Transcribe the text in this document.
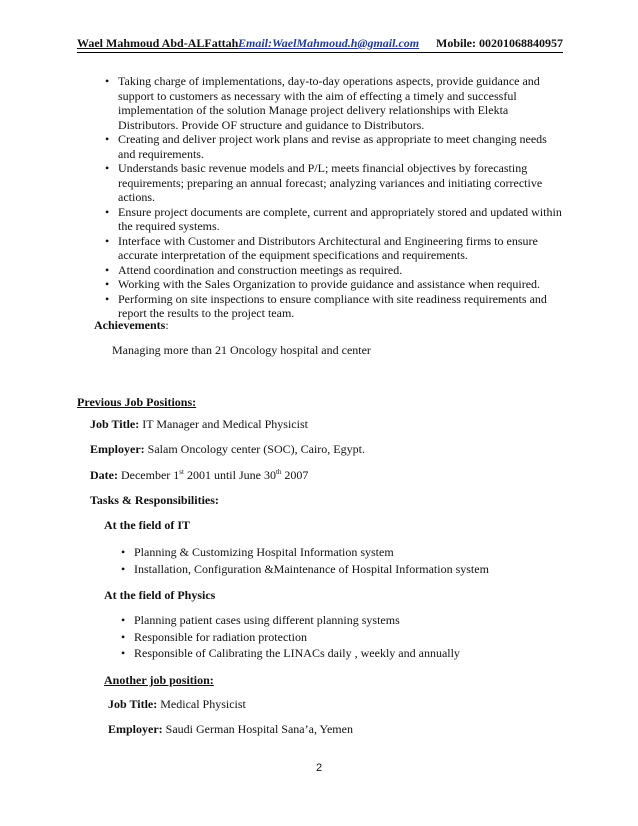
Wael Mahmoud Abd-ALFattah Email:WaelMahmoud.h@gmail.com Mobile: 00201068840957
• Taking charge of implementations, day-to-day operations aspects, provide guidance and support to customers as necessary with the aim of effecting a timely and successful implementation of the solution Manage project delivery relationships with Elekta Distributors. Provide OF structure and guidance to Distributors.
• Creating and deliver project work plans and revise as appropriate to meet changing needs and requirements.
• Understands basic revenue models and P/L; meets financial objectives by forecasting requirements; preparing an annual forecast; analyzing variances and initiating corrective actions.
• Ensure project documents are complete, current and appropriately stored and updated within the required systems.
• Interface with Customer and Distributors Architectural and Engineering firms to ensure accurate interpretation of the equipment specifications and requirements.
• Attend coordination and construction meetings as required.
• Working with the Sales Organization to provide guidance and assistance when required.
• Performing on site inspections to ensure compliance with site readiness requirements and report the results to the project team.
Achievements:
Managing more than 21 Oncology hospital and center
Previous Job Positions:
Job Title: IT Manager and Medical Physicist
Employer: Salam Oncology center (SOC), Cairo, Egypt.
Date: December 1st 2001 until June 30th 2007
Tasks & Responsibilities:
At the field of IT
• Planning & Customizing Hospital Information system
• Installation, Configuration &Maintenance of Hospital Information system
At the field of Physics
• Planning patient cases using different planning systems
• Responsible for radiation protection
• Responsible of Calibrating the LINACs daily , weekly and annually
Another job position:
Job Title: Medical Physicist
Employer: Saudi German Hospital Sana’a, Yemen
2
